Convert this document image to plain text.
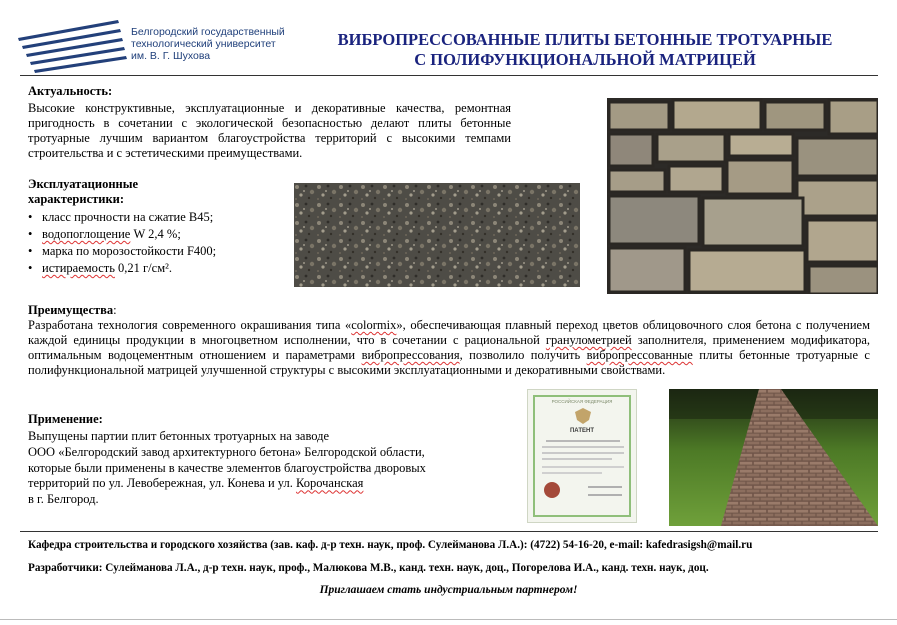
Белгородский государственный
технологический университет
им. В. Г. Шухова
ВИБРОПРЕССОВАННЫЕ ПЛИТЫ БЕТОННЫЕ ТРОТУАРНЫЕ
С ПОЛИФУНКЦИОНАЛЬНОЙ МАТРИЦЕЙ
Актуальность:
Высокие конструктивные, эксплуатационные и декоративные качества, ремонтная пригодность в сочетании с экологической безопасностью делают плиты бетонные тротуарные лучшим вариантом благоустройства территорий с высокими темпами строительства и с эстетическими преимуществами.
Эксплуатационные
характеристики:
• класс прочности на сжатие В45;
• водопоглощение W 2,4 %;
• марка по морозостойкости F400;
• истираемость 0,21 г/см².
Преимущества:
Разработана технология современного окрашивания типа «colormix», обеспечивающая плавный переход цветов облицовочного слоя бетона с получением каждой единицы продукции в многоцветном исполнении, что в сочетании с рациональной гранулометрией заполнителя, применением модификатора, оптимальным водоцементным отношением и параметрами вибропрессования, позволило получить вибропрессованные плиты бетонные тротуарные с полифункциональной матрицей улучшенной структуры с высокими эксплуатационными и декоративными свойствами.
Применение:
Выпущены партии плит бетонных тротуарных на заводе
ООО «Белгородский завод архитектурного бетона» Белгородской области,
которые были применены в качестве элементов благоустройства дворовых
территорий по ул. Левобережная, ул. Конева и ул. Корочанская
в г. Белгород.
РОССИЙСКАЯ ФЕДЕРАЦИЯ
ПАТЕНТ
Кафедра строительства и городского хозяйства (зав. каф. д-р техн. наук, проф. Сулейманова Л.А.): (4722) 54-16-20, e-mail: kafedrasigsh@mail.ru
Разработчики: Сулейманова Л.А., д-р техн. наук, проф., Малюкова М.В., канд. техн. наук, доц., Погорелова И.А., канд. техн. наук, доц.
Приглашаем стать индустриальным партнером!
